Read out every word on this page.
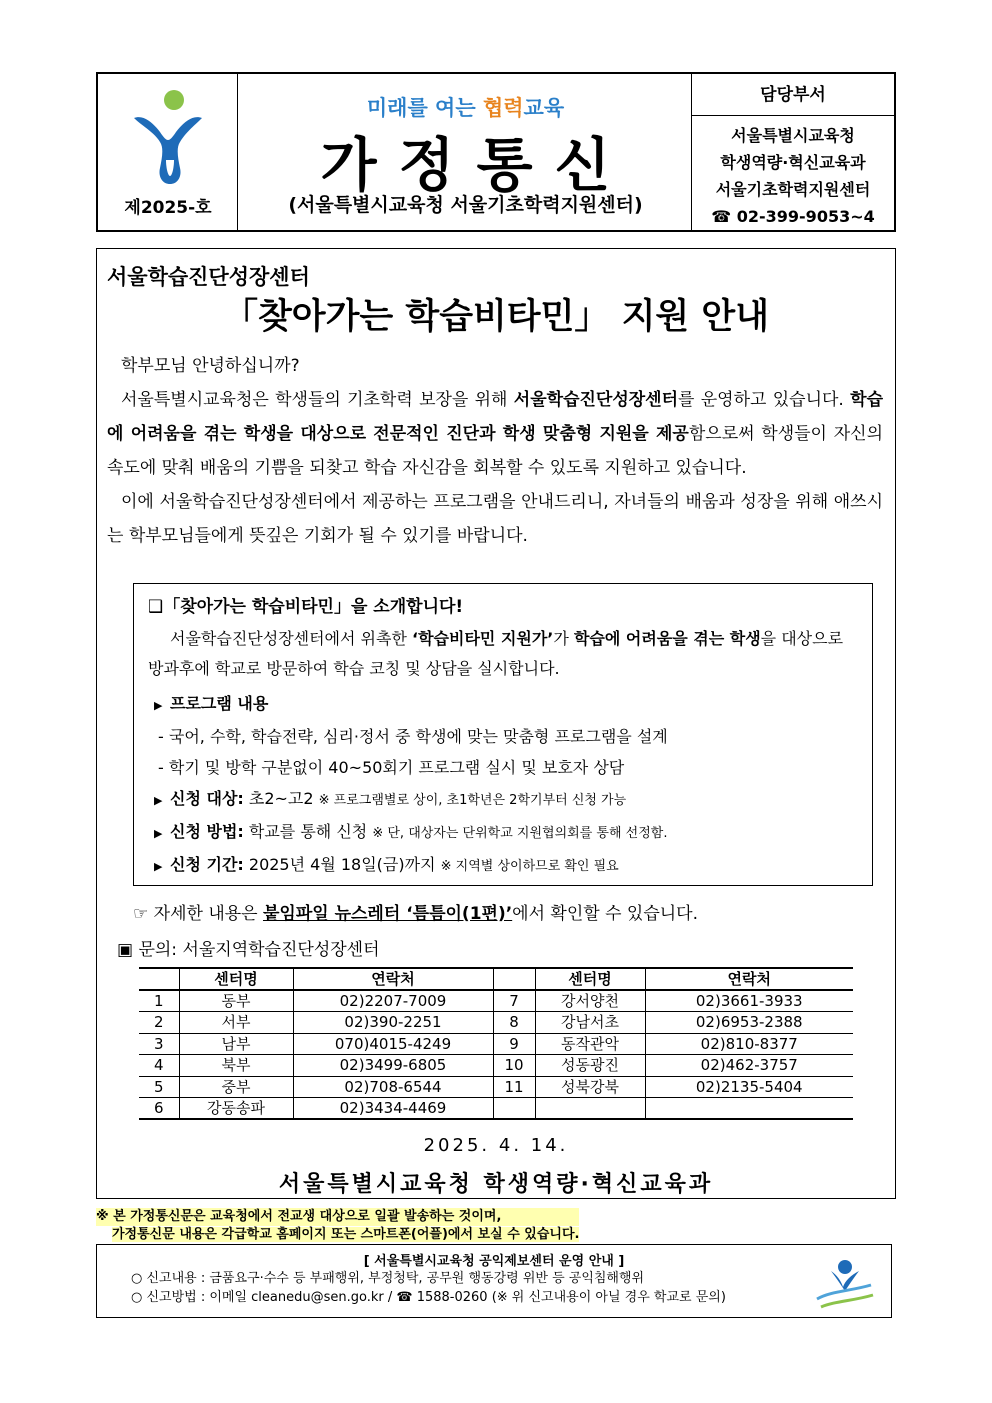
제2025-호
미래를 여는 협력교육
가정통신
(서울특별시교육청 서울기초학력지원센터)
담당부서
서울특별시교육청
학생역량·혁신교육과
서울기초학력지원센터
☎ 02-399-9053~4
서울학습진단성장센터
「찾아가는 학습비타민」 지원 안내

학부모님 안녕하십니까?

서울특별시교육청은 학생들의 기초학력 보장을 위해 서울학습진단성장센터를 운영하고 있습니다. 학습에 어려움을 겪는 학생을 대상으로 전문적인 진단과 학생 맞춤형 지원을 제공함으로써 학생들이 자신의 속도에 맞춰 배움의 기쁨을 되찾고 학습 자신감을 회복할 수 있도록 지원하고 있습니다.

이에 서울학습진단성장센터에서 제공하는 프로그램을 안내드리니, 자녀들의 배움과 성장을 위해 애쓰시는 학부모님들에게 뜻깊은 기회가 될 수 있기를 바랍니다.

❑「찾아가는 학습비타민」을 소개합니다!
서울학습진단성장센터에서 위촉한 ‘학습비타민 지원가’가 학습에 어려움을 겪는 학생을 대상으로 방과후에 학교로 방문하여 학습 코칭 및 상담을 실시합니다.
▶ 프로그램 내용
- 국어, 수학, 학습전략, 심리·정서 중 학생에 맞는 맞춤형 프로그램을 설계
- 학기 및 방학 구분없이 40~50회기 프로그램 실시 및 보호자 상담
▶ 신청 대상: 초2~고2 ※ 프로그램별로 상이, 초1학년은 2학기부터 신청 가능
▶ 신청 방법: 학교를 통해 신청 ※ 단, 대상자는 단위학교 지원협의회를 통해 선정함.
▶ 신청 기간: 2025년 4월 18일(금)까지 ※ 지역별 상이하므로 확인 필요
☞ 자세한 내용은 붙임파일 뉴스레터 ‘틈틈이(1편)’에서 확인할 수 있습니다.
▣ 문의: 서울지역학습진단성장센터
	센터명	연락처		센터명	연락처
1	동부	02)2207-7009	7	강서양천	02)3661-3933
2	서부	02)390-2251	8	강남서초	02)6953-2388
3	남부	070)4015-4249	9	동작관악	02)810-8377
4	북부	02)3499-6805	10	성동광진	02)462-3757
5	중부	02)708-6544	11	성북강북	02)2135-5404
6	강동송파	02)3434-4469			
2025. 4. 14.
서울특별시교육청 학생역량·혁신교육과
※ 본 가정통신문은 교육청에서 전교생 대상으로 일괄 발송하는 것이며,
가정통신문 내용은 각급학교 홈페이지 또는 스마트폰(어플)에서 보실 수 있습니다.
[ 서울특별시교육청 공익제보센터 운영 안내 ]
○ 신고내용 : 금품요구·수수 등 부패행위, 부정청탁, 공무원 행동강령 위반 등 공익침해행위
○ 신고방법 : 이메일 cleanedu@sen.go.kr / ☎ 1588-0260 (※ 위 신고내용이 아닐 경우 학교로 문의)
